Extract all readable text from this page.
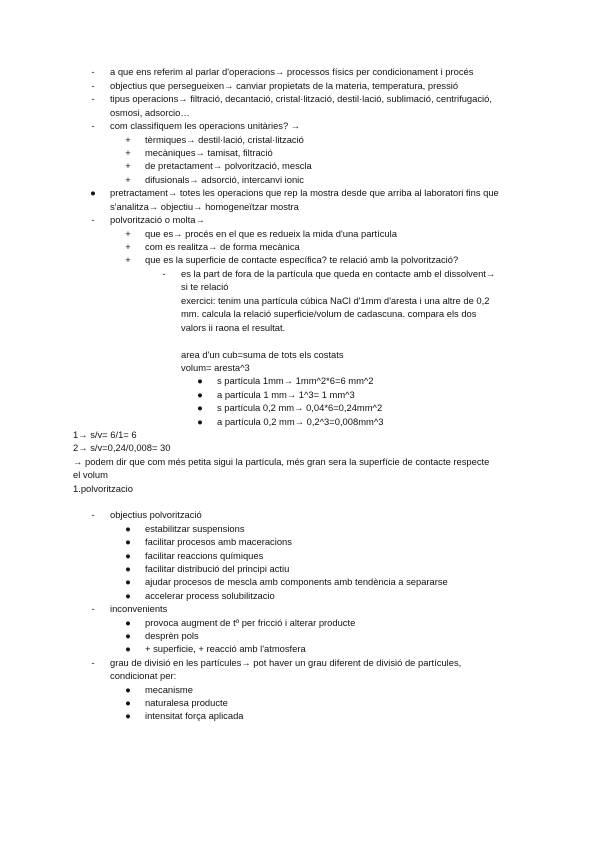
-	a que ens referim al parlar d'operacions→ processos físics per condicionament i procés
-	objectius que persegueixen→ canviar propietats de la materia, temperatura, pressió
-	tipus operacions→ filtració, decantació, cristal·lització, destil·lació, sublimació, centrifugació,
osmosi, adsorcio…
-	com classifiquem les operacions unitàries? →
+ tèrmiques→ destil·lació, cristal·lització
+ mecàniques→ tamisat, filtració
+ de pretactament→ polvorització, mescla
+ difusionals→ adsorció, intercanvi ionic
● pretractament→ totes les operacions que rep la mostra desde que arriba al laboratori fins que
s'analitza→ objectiu→ homogeneïtzar mostra
-	polvorització o molta→
+ que es→ procés en el que es redueix la mida d'una partícula
+ com es realitza→ de forma mecànica
+ que es la superficie de contacte específica? te relació amb la polvorització?
-	es la part de fora de la partícula que queda en contacte amb el dissolvent→
si te relació
exercici: tenim una partícula cúbica NaCl d'1mm d'aresta i una altre de 0,2
mm. calcula la relació superficie/volum de cadascuna. compara els dos
valors ii raona el resultat.
area d'un cub=suma de tots els costats
volum= aresta^3
● s partícula 1mm→ 1mm^2*6=6 mm^2
● a partícula 1 mm→ 1^3= 1 mm^3
● s partícula 0,2 mm→ 0,04*6=0,24mm^2
● a partícula 0,2 mm→ 0,2^3=0,008mm^3
1→ s/v= 6/1= 6
2→ s/v=0,24/0,008= 30
→ podem dir que com més petita sigui la partícula, més gran sera la superfície de contacte respecte
el volum
1.polvoritzacio
-	objectius polvorització
● estabilitzar suspensions
● facilitar procesos amb maceracions
● facilitar reaccions químiques
● facilitar distribució del principi actiu
● ajudar procesos de mescla amb components amb tendència a separarse
● accelerar process solubilitzacio
-	inconvenients
● provoca augment de tº per fricció i alterar producte
● desprèn pols
● + superficie, + reacció amb l'atmosfera
-	grau de divisió en les partícules→ pot haver un grau diferent de divisió de partícules,
condicionat per:
● mecanisme
● naturalesa producte
● intensitat força aplicada
